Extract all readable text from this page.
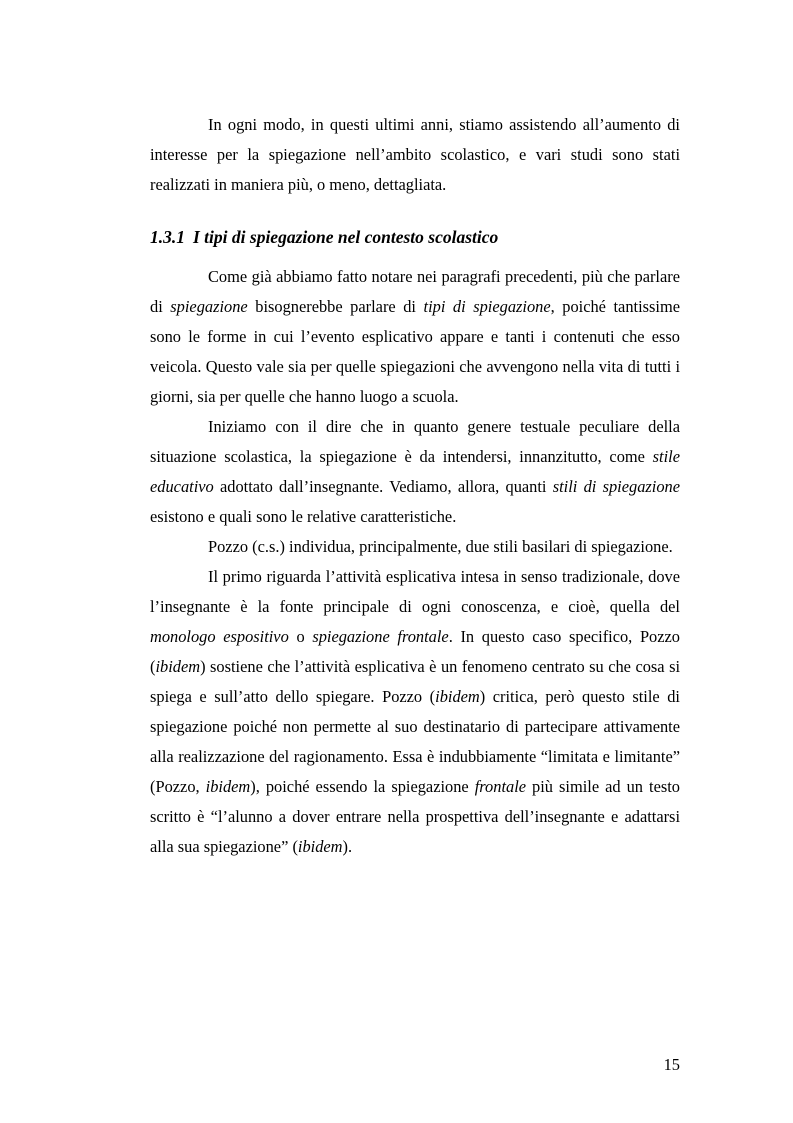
In ogni modo, in questi ultimi anni, stiamo assistendo all’aumento di interesse per la spiegazione nell’ambito scolastico, e vari studi sono stati realizzati in maniera più, o meno, dettagliata.

1.3.1 I tipi di spiegazione nel contesto scolastico

Come già abbiamo fatto notare nei paragrafi precedenti, più che parlare di spiegazione bisognerebbe parlare di tipi di spiegazione, poiché tantissime sono le forme in cui l’evento esplicativo appare e tanti i contenuti che esso veicola. Questo vale sia per quelle spiegazioni che avvengono nella vita di tutti i giorni, sia per quelle che hanno luogo a scuola.

Iniziamo con il dire che in quanto genere testuale peculiare della situazione scolastica, la spiegazione è da intendersi, innanzitutto, come stile educativo adottato dall’insegnante. Vediamo, allora, quanti stili di spiegazione esistono e quali sono le relative caratteristiche.

Pozzo (c.s.) individua, principalmente, due stili basilari di spiegazione.

Il primo riguarda l’attività esplicativa intesa in senso tradizionale, dove l’insegnante è la fonte principale di ogni conoscenza, e cioè, quella del monologo espositivo o spiegazione frontale. In questo caso specifico, Pozzo (ibidem) sostiene che l’attività esplicativa è un fenomeno centrato su che cosa si spiega e sull’atto dello spiegare. Pozzo (ibidem) critica, però questo stile di spiegazione poiché non permette al suo destinatario di partecipare attivamente alla realizzazione del ragionamento. Essa è indubbiamente “limitata e limitante” (Pozzo, ibidem), poiché essendo la spiegazione frontale più simile ad un testo scritto è “l’alunno a dover entrare nella prospettiva dell’insegnante e adattarsi alla sua spiegazione” (ibidem).

15
